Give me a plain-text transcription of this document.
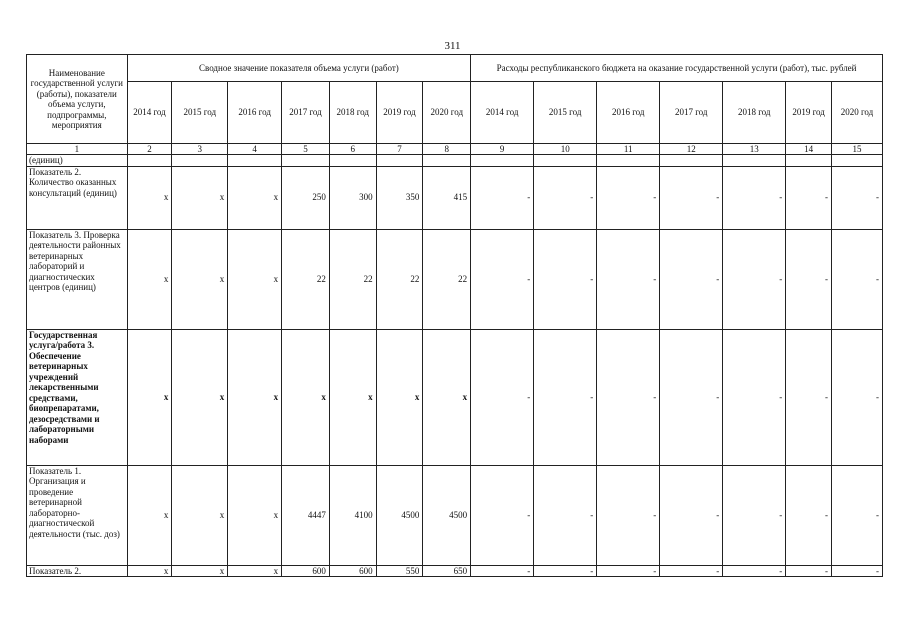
311
Наименование государственной услуги (работы), показатели объема услуги, подпрограммы, мероприятия	Сводное значение показателя объема услуги (работ)							Расходы республиканского бюджета на оказание государственной услуги (работ), тыс. рублей						
	2014 год	2015 год	2016 год	2017 год	2018 год	2019 год	2020 год	2014 год	2015 год	2016 год	2017 год	2018 год	2019 год	2020 год
1	2	3	4	5	6	7	8	9	10	11	12	13	14	15
(единиц)														
Показатель 2. Количество оказанных консультаций (единиц)	x	x	x	250	300	350	415	-	-	-	-	-	-	-
Показатель 3. Проверка деятельности районных ветеринарных лабораторий и диагностических центров (единиц)	x	x	x	22	22	22	22	-	-	-	-	-	-	-
Государственная услуга/работа 3. Обеспечение ветеринарных учреждений лекарственными средствами, биопрепаратами, дезосредствами и лабораторными наборами	x	x	x	x	x	x	x	-	-	-	-	-	-	-
Показатель 1. Организация и проведение ветеринарной лабораторно-диагностической деятельности (тыс. доз)	x	x	x	4447	4100	4500	4500	-	-	-	-	-	-	-
Показатель 2.	x	x	x	600	600	550	650	-	-	-	-	-	-	-
